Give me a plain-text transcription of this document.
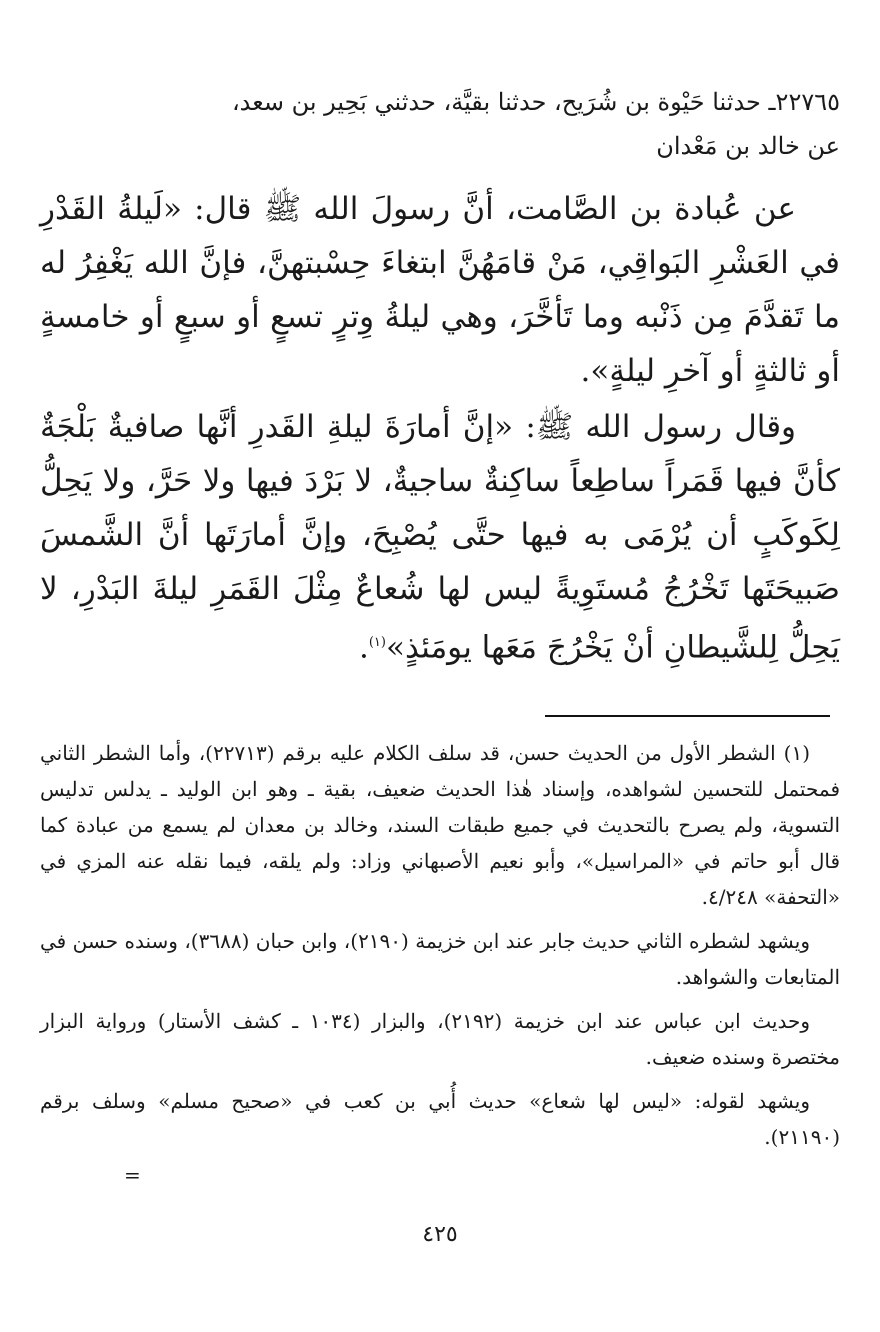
٢٢٧٦٥ـ حدثنا حَيْوة بن شُرَيح، حدثنا بقيَّة، حدثني بَحِير بن سعد،
عن خالد بن مَعْدان

عن عُبادة بن الصَّامت، أنَّ رسولَ الله ﷺ قال: «لَيلةُ القَدْرِ في العَشْرِ البَواقِي، مَنْ قامَهُنَّ ابتغاءَ حِسْبتهنَّ، فإنَّ الله يَغْفِرُ له ما تَقدَّمَ مِن ذَنْبه وما تَأخَّرَ، وهي ليلةُ وِترٍ تسعٍ أو سبعٍ أو خامسةٍ أو ثالثةٍ أو آخرِ ليلةٍ».

وقال رسول الله ﷺ: «إنَّ أمارَةَ ليلةِ القَدرِ أنَّها صافيةٌ بَلْجَةٌ كأنَّ فيها قَمَراً ساطِعاً ساكِنةٌ ساجيةٌ، لا بَرْدَ فيها ولا حَرَّ، ولا يَحِلُّ لِكَوكَبٍ أن يُرْمَى به فيها حتَّى يُصْبِحَ، وإنَّ أمارَتَها أنَّ الشَّمسَ صَبيحَتَها تَخْرُجُ مُستَوِيةً ليس لها شُعاعٌ مِثْلَ القَمَرِ ليلةَ البَدْرِ، لا يَحِلُّ لِلشَّيطانِ أنْ يَخْرُجَ مَعَها يومَئذٍ»$^{(١)}$.

(١) الشطر الأول من الحديث حسن، قد سلف الكلام عليه برقم (٢٢٧١٣)، وأما الشطر الثاني فمحتمل للتحسين لشواهده، وإسناد هٰذا الحديث ضعيف، بقية ـ وهو ابن الوليد ـ يدلس تدليس التسوية، ولم يصرح بالتحديث في جميع طبقات السند، وخالد بن معدان لم يسمع من عبادة كما قال أبو حاتم في «المراسيل»، وأبو نعيم الأصبهاني وزاد: ولم يلقه، فيما نقله عنه المزي في «التحفة» ٤/٢٤٨.

ويشهد لشطره الثاني حديث جابر عند ابن خزيمة (٢١٩٠)، وابن حبان (٣٦٨٨)، وسنده حسن في المتابعات والشواهد.

وحديث ابن عباس عند ابن خزيمة (٢١٩٢)، والبزار (١٠٣٤ ـ كشف الأستار) ورواية البزار مختصرة وسنده ضعيف.

ويشهد لقوله: «ليس لها شعاع» حديث أُبي بن كعب في «صحيح مسلم» وسلف برقم (٢١١٩٠).

=
٤٢٥
